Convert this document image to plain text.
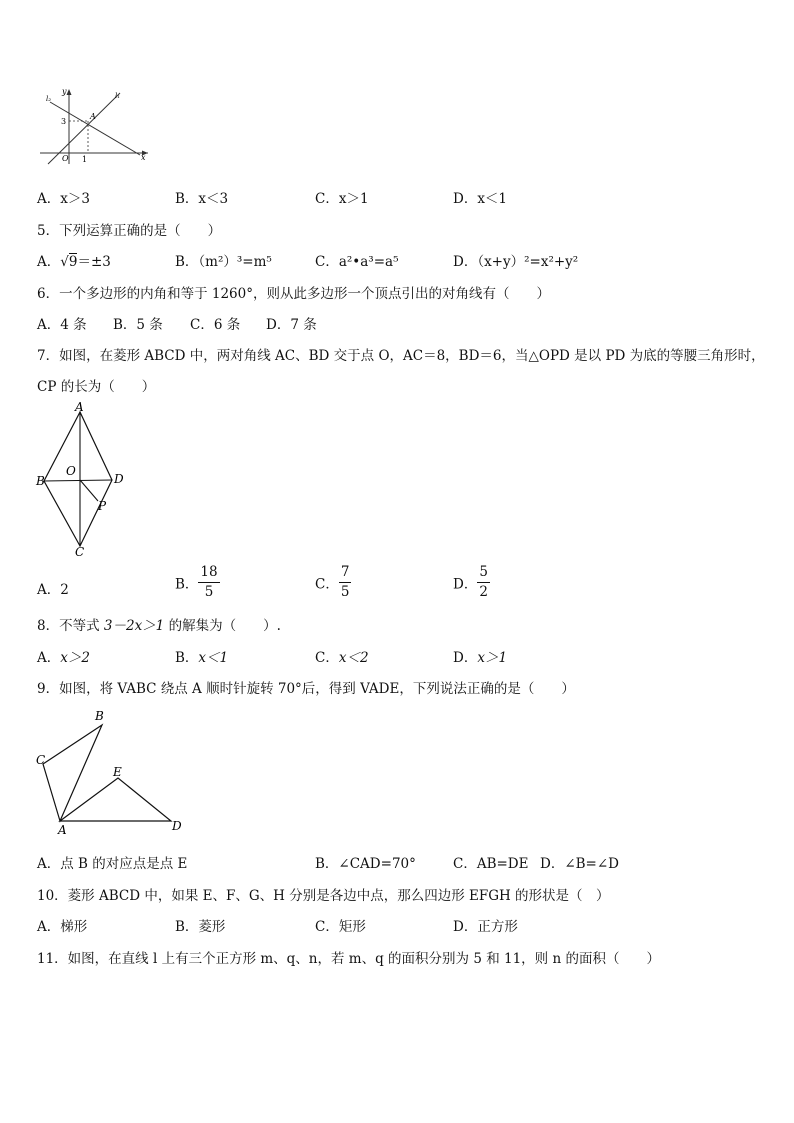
y
x
l₁
l₂
A
3
1
O
A．x＞3	B．x＜3	C．x＞1	D．x＜1
5．下列运算正确的是（　　）
A．√9＝±3	B．（m²）³=m⁵	C．a²•a³=a⁵	D．（x+y）²=x²+y²
6．一个多边形的内角和等于 1260°，则从此多边形一个顶点引出的对角线有（　　）
A．4 条 B．5 条 C．6 条 D．7 条
7．如图，在菱形 ABCD 中，两对角线 AC、BD 交于点 O，AC＝8，BD＝6，当△OPD 是以 PD 为底的等腰三角形时，
CP 的长为（　　）
A
B
C
D
O
P
A．2	B． $\frac{18}{5}$	C． $\frac{7}{5}$	D． $\frac{5}{2}$
8．不等式 3－2x＞1 的解集为（　　）.
A．x＞2	B．x＜1	C．x＜2	D．x＞1
9．如图，将 VABC 绕点 A 顺时针旋转 70°后，得到 VADE，下列说法正确的是（　　）
A
B
C
D
E
A．点 B 的对应点是点 E	B．∠CAD=70°	C．AB=DE D．∠B=∠D
10．菱形 ABCD 中，如果 E、F、G、H 分别是各边中点，那么四边形 EFGH 的形状是（　）
A．梯形	B．菱形	C．矩形	D．正方形
11．如图，在直线 l 上有三个正方形 m、q、n，若 m、q 的面积分别为 5 和 11，则 n 的面积（　　）
